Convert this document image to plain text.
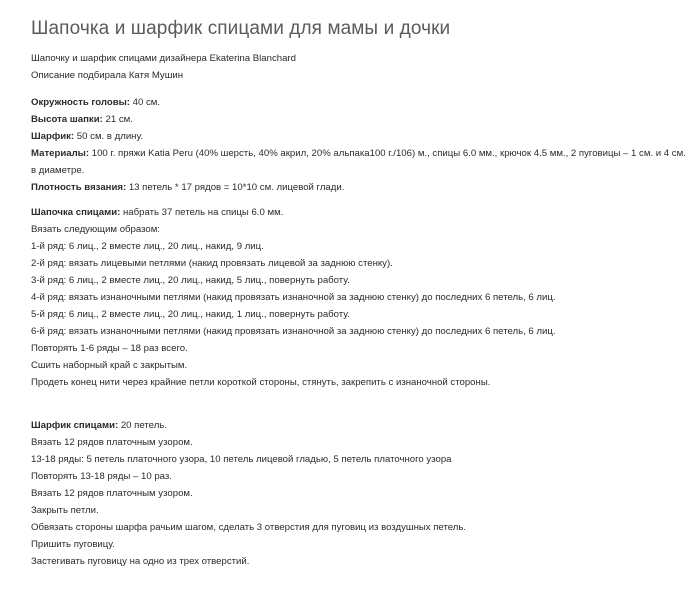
Шапочка и шарфик спицами для мамы и дочки
Шапочку и шарфик спицами дизайнера Ekaterina Blanchard
Описание подбирала Катя Мушин
Окружность головы: 40 см.
Высота шапки: 21 см.
Шарфик: 50 см. в длину.
Материалы: 100 г. пряжи Katia Peru (40% шерсть, 40% акрил, 20% альпака100 г./106) м., спицы 6.0 мм., крючок 4.5 мм., 2 пуговицы – 1 см. и 4 см. в диаметре.
Плотность вязания: 13 петель * 17 рядов = 10*10 см. лицевой глади.
Шапочка спицами: набрать 37 петель на спицы 6.0 мм.
Вязать следующим образом:
1-й ряд: 6 лиц., 2 вместе лиц., 20 лиц., накид, 9 лиц.
2-й ряд: вязать лицевыми петлями (накид провязать лицевой за заднюю стенку).
3-й ряд: 6 лиц., 2 вместе лиц., 20 лиц., накид, 5 лиц., повернуть работу.
4-й ряд: вязать изнаночными петлями (накид провязать изнаночной за заднюю стенку) до последних 6 петель, 6 лиц.
5-й ряд: 6 лиц., 2 вместе лиц., 20 лиц., накид, 1 лиц., повернуть работу.
6-й ряд: вязать изнаночными петлями (накид провязать изнаночной за заднюю стенку) до последних 6 петель, 6 лиц.
Повторять 1-6 ряды – 18 раз всего.
Сшить наборный край с закрытым.
Продеть конец нити через крайние петли короткой стороны, стянуть, закрепить с изнаночной стороны.
Шарфик спицами: 20 петель.
Вязать 12 рядов платочным узором.
13-18 ряды: 5 петель платочного узора, 10 петель лицевой гладью, 5 петель платочного узора
Повторять 13-18 ряды – 10 раз.
Вязать 12 рядов платочным узором.
Закрыть петли.
Обвязать стороны шарфа рачьим шагом, сделать 3 отверстия для пуговиц из воздушных петель.
Пришить пуговицу.
Застегивать пуговицу на одно из трех отверстий.
